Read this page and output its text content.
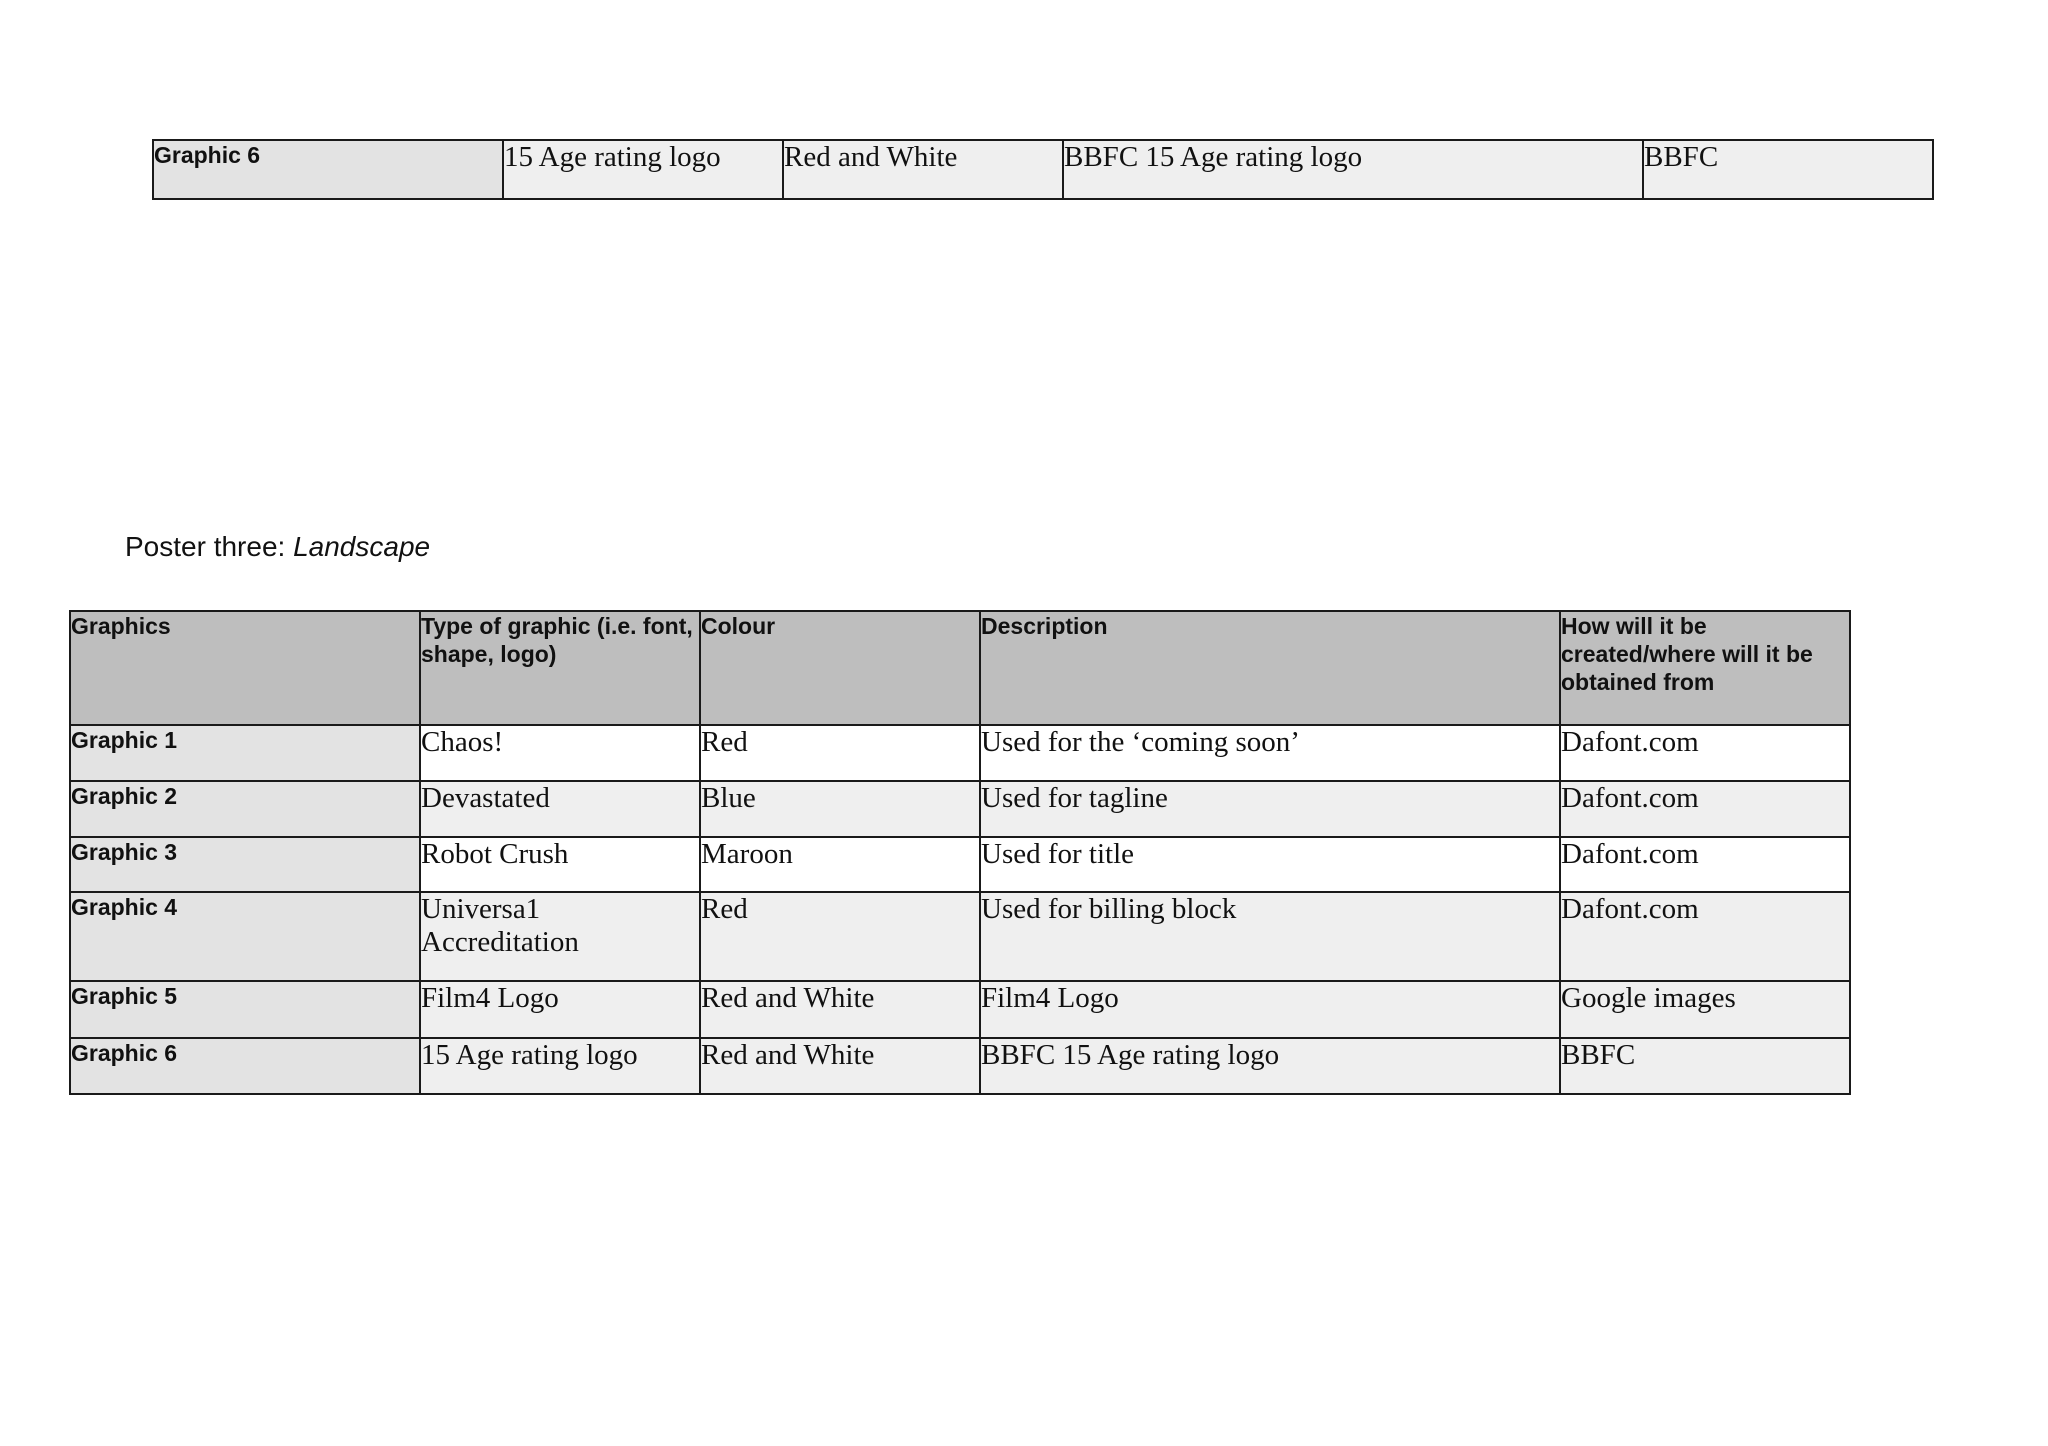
Graphic 6	15 Age rating logo	Red and White	BBFC 15 Age rating logo	BBFC
Poster three: Landscape
Graphics	Type of graphic (i.e. font, shape, logo)	Colour	Description	How will it be created/where will it be obtained from
Graphic 1	Chaos!	Red	Used for the ‘coming soon’	Dafont.com
Graphic 2	Devastated	Blue	Used for tagline	Dafont.com
Graphic 3	Robot Crush	Maroon	Used for title	Dafont.com
Graphic 4	Universa1 Accreditation	Red	Used for billing block	Dafont.com
Graphic 5	Film4 Logo	Red and White	Film4 Logo	Google images
Graphic 6	15 Age rating logo	Red and White	BBFC 15 Age rating logo	BBFC
